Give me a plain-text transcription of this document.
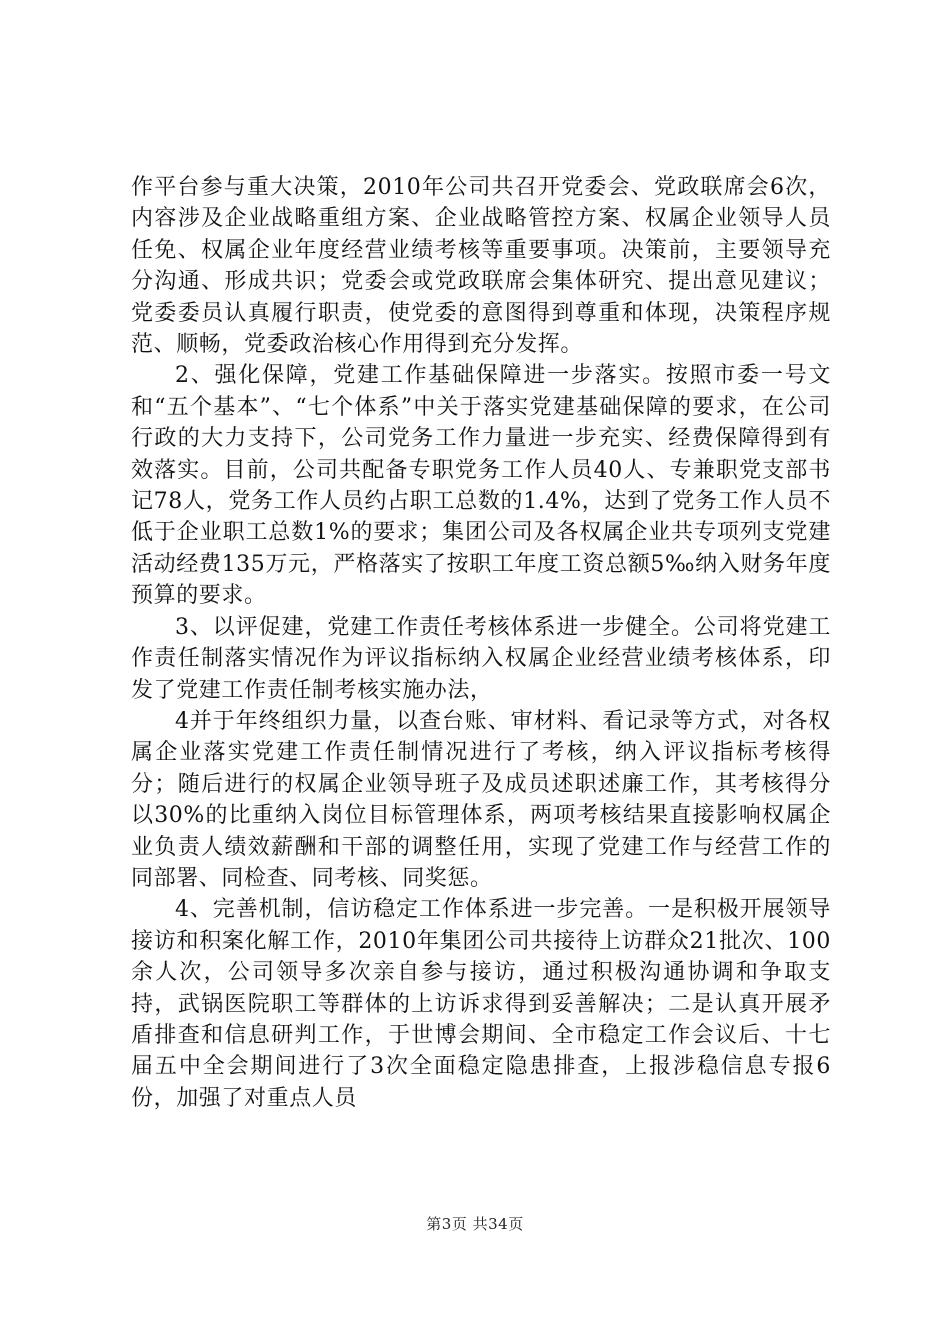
作平台参与重大决策，2010年公司共召开党委会、党政联席会6次，内容涉及企业战略重组方案、企业战略管控方案、权属企业领导人员任免、权属企业年度经营业绩考核等重要事项。决策前，主要领导充分沟通、形成共识；党委会或党政联席会集体研究、提出意见建议；党委委员认真履行职责，使党委的意图得到尊重和体现，决策程序规范、顺畅，党委政治核心作用得到充分发挥。

2、强化保障，党建工作基础保障进一步落实。按照市委一号文和“五个基本”、“七个体系”中关于落实党建基础保障的要求，在公司行政的大力支持下，公司党务工作力量进一步充实、经费保障得到有效落实。目前，公司共配备专职党务工作人员40人、专兼职党支部书记78人，党务工作人员约占职工总数的1.4%，达到了党务工作人员不低于企业职工总数1%的要求；集团公司及各权属企业共专项列支党建活动经费135万元，严格落实了按职工年度工资总额5‰纳入财务年度预算的要求。

3、以评促建，党建工作责任考核体系进一步健全。公司将党建工作责任制落实情况作为评议指标纳入权属企业经营业绩考核体系，印发了党建工作责任制考核实施办法，

4并于年终组织力量，以查台账、审材料、看记录等方式，对各权属企业落实党建工作责任制情况进行了考核，纳入评议指标考核得分；随后进行的权属企业领导班子及成员述职述廉工作，其考核得分以30%的比重纳入岗位目标管理体系，两项考核结果直接影响权属企业负责人绩效薪酬和干部的调整任用，实现了党建工作与经营工作的同部署、同检查、同考核、同奖惩。

4、完善机制，信访稳定工作体系进一步完善。一是积极开展领导接访和积案化解工作，2010年集团公司共接待上访群众21批次、100余人次，公司领导多次亲自参与接访，通过积极沟通协调和争取支持，武锅医院职工等群体的上访诉求得到妥善解决；二是认真开展矛盾排查和信息研判工作，于世博会期间、全市稳定工作会议后、十七届五中全会期间进行了3次全面稳定隐患排查，上报涉稳信息专报6份，加强了对重点人员

第3页 共34页
